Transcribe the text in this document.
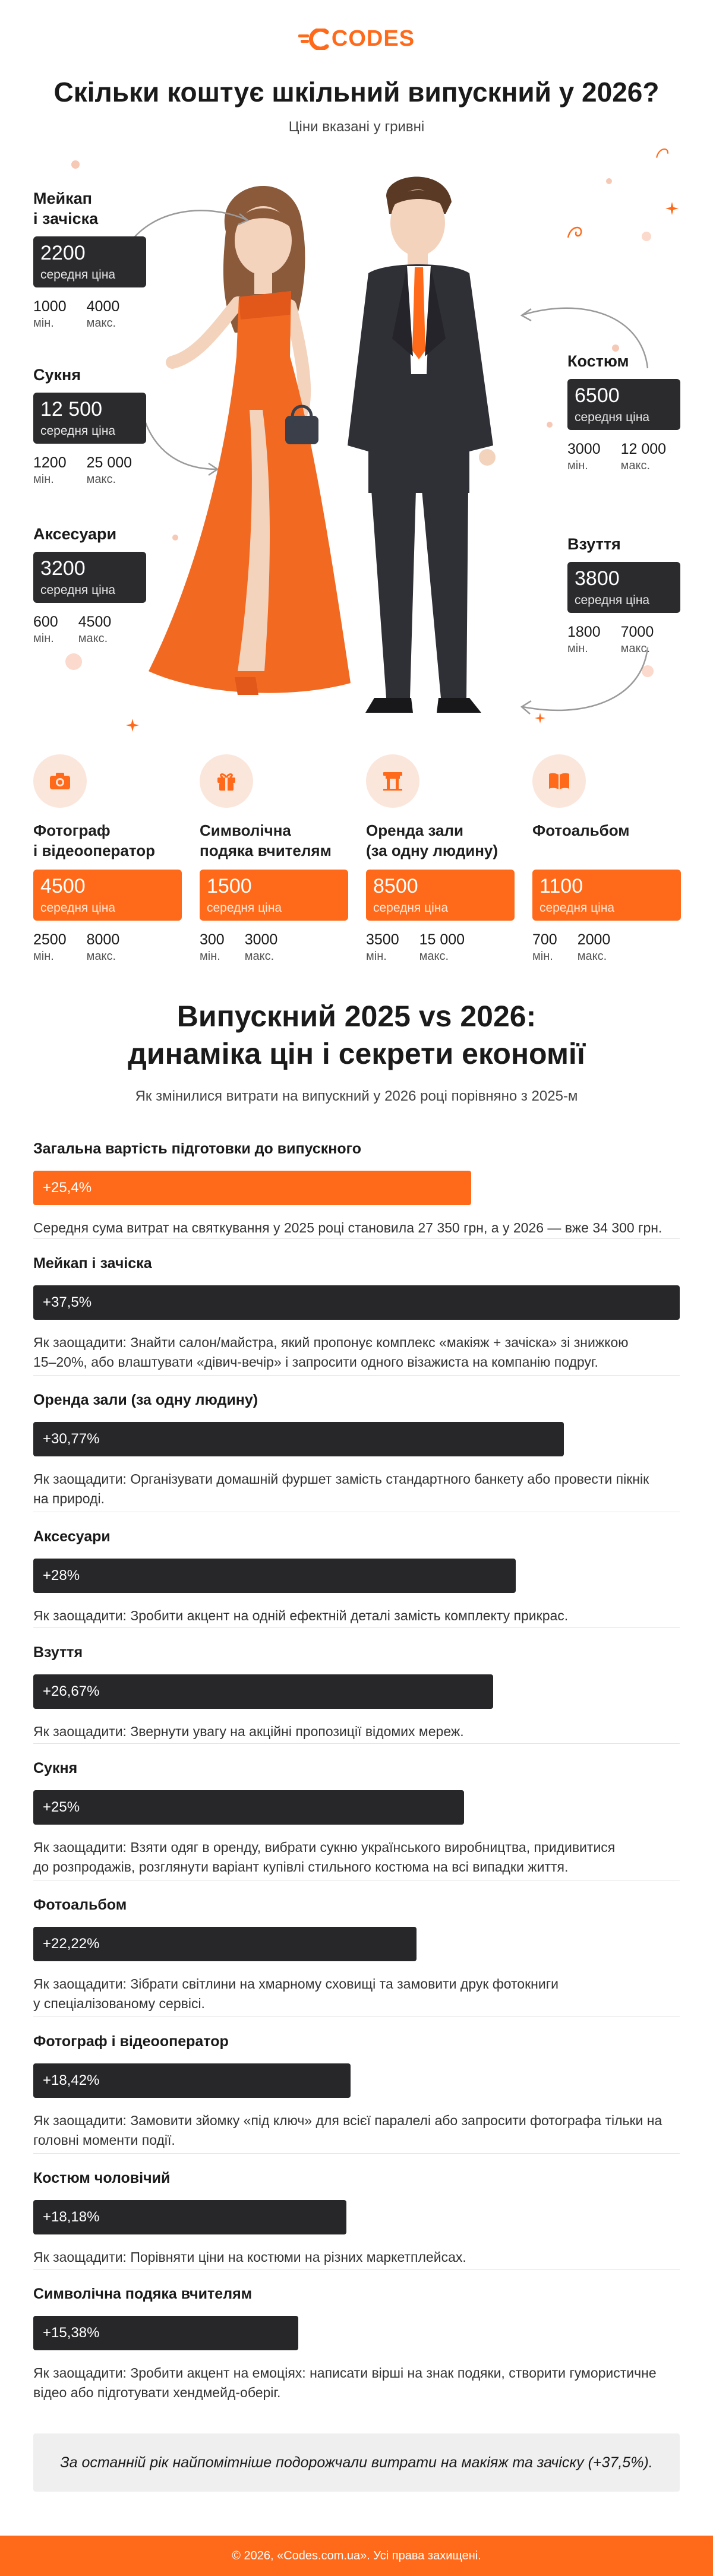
CODES
Скільки коштує шкільний випускний у 2026?
Ціни вказані у гривні
Мейкап
і зачіска
2200
середня ціна
1000
мін.
4000
макс.
Сукня
12 500
середня ціна
1200
мін.
25 000
макс.
Аксесуари
3200
середня ціна
600
мін.
4500
макс.
Костюм
6500
середня ціна
3000
мін.
12 000
макс.
Взуття
3800
середня ціна
1800
мін.
7000
макс.
Фотограф
і відеооператор
4500
середня ціна
2500
мін.
8000
макс.
Символічна
подяка вчителям
1500
середня ціна
300
мін.
3000
макс.
Оренда зали
(за одну людину)
8500
середня ціна
3500
мін.
15 000
макс.
Фотоальбом
1100
середня ціна
700
мін.
2000
макс.
Випускний 2025 vs 2026:
динаміка цін і секрети економії
Як змінилися витрати на випускний у 2026 році порівняно з 2025-м
Загальна вартість підготовки до випускного
+25,4%
Середня сума витрат на святкування у 2025 році становила 27 350 грн, а у 2026 — вже 34 300 грн.
Мейкап і зачіска
+37,5%
Як заощадити: Знайти салон/майстра, який пропонує комплекс «макіяж + зачіска» зі знижкою
15–20%, або влаштувати «дівич-вечір» і запросити одного візажиста на компанію подруг.
Оренда зали (за одну людину)
+30,77%
Як заощадити: Організувати домашній фуршет замість стандартного банкету або провести пікнік
на природі.
Аксесуари
+28%
Як заощадити: Зробити акцент на одній ефектній деталі замість комплекту прикрас.
Взуття
+26,67%
Як заощадити: Звернути увагу на акційні пропозиції відомих мереж.
Сукня
+25%
Як заощадити: Взяти одяг в оренду, вибрати сукню українського виробництва, придивитися
до розпродажів, розглянути варіант купівлі стильного костюма на всі випадки життя.
Фотоальбом
+22,22%
Як заощадити: Зібрати світлини на хмарному сховищі та замовити друк фотокниги
у спеціалізованому сервісі.
Фотограф і відеооператор
+18,42%
Як заощадити: Замовити зйомку «під ключ» для всієї паралелі або запросити фотографа тільки на
головні моменти події.
Костюм чоловічий
+18,18%
Як заощадити: Порівняти ціни на костюми на різних маркетплейсах.
Символічна подяка вчителям
+15,38%
Як заощадити: Зробити акцент на емоціях: написати вірші на знак подяки, створити гумористичне
відео або підготувати хендмейд-оберіг.
За останній рік найпомітніше подорожчали витрати на макіяж та зачіску (+37,5%).
© 2026, «Codes.com.ua». Усі права захищені.
